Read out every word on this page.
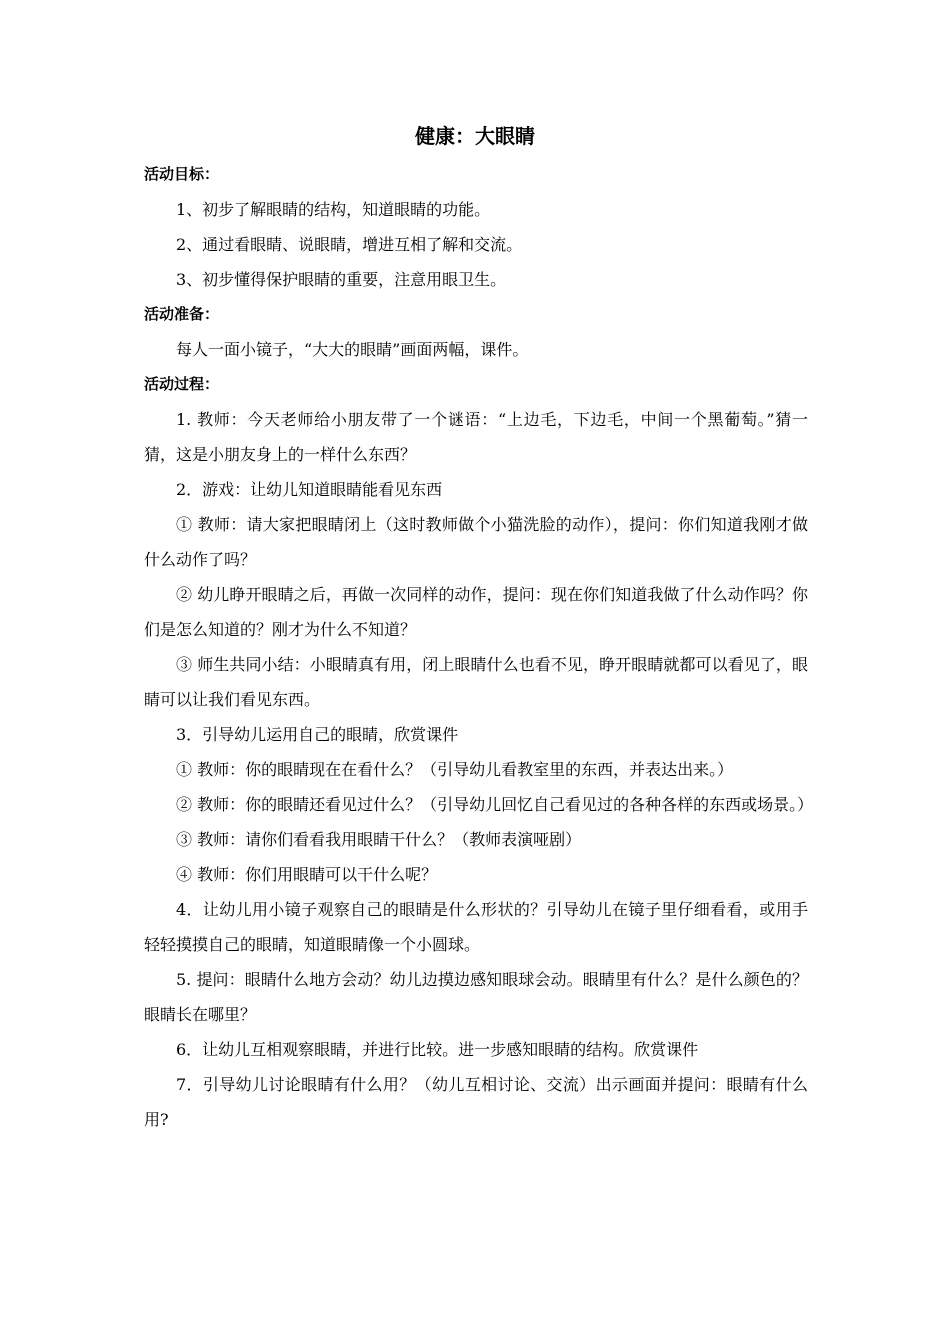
健康：大眼睛

活动目标：

1、初步了解眼睛的结构，知道眼睛的功能。

2、通过看眼睛、说眼睛，增进互相了解和交流。

3、初步懂得保护眼睛的重要，注意用眼卫生。

活动准备：

每人一面小镜子，“大大的眼睛”画面两幅，课件。

活动过程：

1. 教师：今天老师给小朋友带了一个谜语：“上边毛，下边毛，中间一个黑葡萄。”猜一猜，这是小朋友身上的一样什么东西？

2．游戏：让幼儿知道眼睛能看见东西

① 教师：请大家把眼睛闭上（这时教师做个小猫洗脸的动作），提问：你们知道我刚才做什么动作了吗？

② 幼儿睁开眼睛之后，再做一次同样的动作，提问：现在你们知道我做了什么动作吗？你们是怎么知道的？刚才为什么不知道？

③ 师生共同小结：小眼睛真有用，闭上眼睛什么也看不见，睁开眼睛就都可以看见了，眼睛可以让我们看见东西。

3．引导幼儿运用自己的眼睛，欣赏课件

① 教师：你的眼睛现在在看什么？（引导幼儿看教室里的东西，并表达出来。）

② 教师：你的眼睛还看见过什么？（引导幼儿回忆自己看见过的各种各样的东西或场景。）

③ 教师：请你们看看我用眼睛干什么？（教师表演哑剧）

④ 教师：你们用眼睛可以干什么呢？

4．让幼儿用小镜子观察自己的眼睛是什么形状的？引导幼儿在镜子里仔细看看，或用手轻轻摸摸自己的眼睛，知道眼睛像一个小圆球。

5. 提问：眼睛什么地方会动？幼儿边摸边感知眼球会动。眼睛里有什么？是什么颜色的？眼睛长在哪里？

6．让幼儿互相观察眼睛，并进行比较。进一步感知眼睛的结构。欣赏课件

7．引导幼儿讨论眼睛有什么用？（幼儿互相讨论、交流）出示画面并提问：眼睛有什么用?
